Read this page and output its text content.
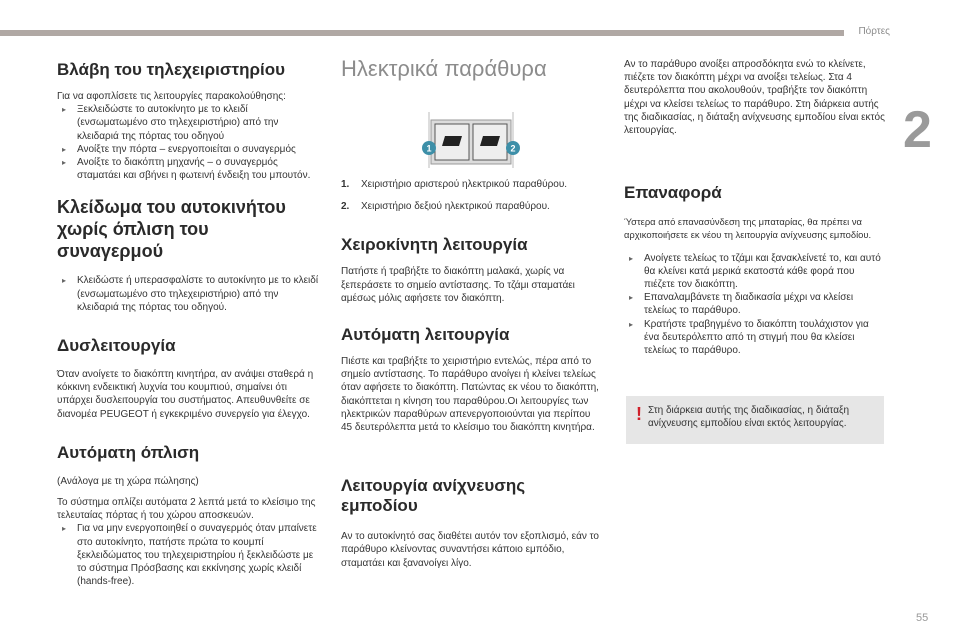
Πόρτες
2
55
Βλάβη του τηλεχειριστηρίου

Για να αφοπλίσετε τις λειτουργίες παρακολούθησης:

▸ Ξεκλειδώστε το αυτοκίνητο με το κλειδί (ενσωματωμένο στο τηλεχειριστήριο) από την κλειδαριά της πόρτας του οδηγού
▸ Ανοίξτε την πόρτα – ενεργοποιείται ο συναγερμός
▸ Ανοίξτε το διακόπτη μηχανής – ο συναγερμός σταματάει και σβήνει η φωτεινή ένδειξη του μπουτόν.
Κλείδωμα του αυτοκινήτου
χωρίς όπλιση του συναγερμού
▸ Κλειδώστε ή υπερασφαλίστε το αυτοκίνητο με το κλειδί (ενσωματωμένο στο τηλεχειριστήριο) από την κλειδαριά της πόρτας του οδηγού.
Δυσλειτουργία

Όταν ανοίγετε το διακόπτη κινητήρα, αν ανάψει σταθερά η κόκκινη ενδεικτική λυχνία του κουμπιού, σημαίνει ότι υπάρχει δυσλειτουργία του συστήματος. Απευθυνθείτε σε διανομέα PEUGEOT ή εγκεκριμένο συνεργείο για έλεγχο.

Αυτόματη όπλιση

(Ανάλογα με τη χώρα πώλησης)

Το σύστημα οπλίζει αυτόματα 2 λεπτά μετά το κλείσιμο της τελευταίας πόρτας ή του χώρου αποσκευών.

▸ Για να μην ενεργοποιηθεί ο συναγερμός όταν μπαίνετε στο αυτοκίνητο, πατήστε πρώτα το κουμπί ξεκλειδώματος του τηλεχειριστηρίου ή ξεκλειδώστε με το σύστημα Πρόσβασης και εκκίνησης χωρίς κλειδί (hands-free).
Ηλεκτρικά παράθυρα
1	2
1. Χειριστήριο αριστερού ηλεκτρικού παραθύρου.
2. Χειριστήριο δεξιού ηλεκτρικού παραθύρου.
Χειροκίνητη λειτουργία

Πατήστε ή τραβήξτε το διακόπτη μαλακά, χωρίς να ξεπεράσετε το σημείο αντίστασης. Το τζάμι σταματάει αμέσως μόλις αφήσετε τον διακόπτη.

Αυτόματη λειτουργία

Πιέστε και τραβήξτε το χειριστήριο εντελώς, πέρα από το σημείο αντίστασης. Το παράθυρο ανοίγει ή κλείνει τελείως όταν αφήσετε το διακόπτη. Πατώντας εκ νέου το διακόπτη, διακόπτεται η κίνηση του παραθύρου.Οι λειτουργίες των ηλεκτρικών παραθύρων απενεργοποιούνται για περίπου 45 δευτερόλεπτα μετά το κλείσιμο του διακόπτη κινητήρα.

Λειτουργία ανίχνευσης εμποδίου

Αν το αυτοκίνητό σας διαθέτει αυτόν τον εξοπλισμό, εάν το παράθυρο κλείνοντας συναντήσει κάποιο εμπόδιο, σταματάει και ξανανοίγει λίγο.

Αν το παράθυρο ανοίξει απροσδόκητα ενώ το κλείνετε, πιέζετε τον διακόπτη μέχρι να ανοίξει τελείως. Στα 4 δευτερόλεπτα που ακολουθούν, τραβήξτε τον διακόπτη μέχρι να κλείσει τελείως το παράθυρο. Στη διάρκεια αυτής της διαδικασίας, η διάταξη ανίχνευσης εμποδίου είναι εκτός λειτουργίας.

Επαναφορά

Ύστερα από επανασύνδεση της μπαταρίας, θα πρέπει να αρχικοποιήσετε εκ νέου τη λειτουργία ανίχνευσης εμποδίου.

▸ Ανοίγετε τελείως το τζάμι και ξανακλείνετέ το, και αυτό θα κλείνει κατά μερικά εκατοστά κάθε φορά που πιέζετε τον διακόπτη.
▸ Επαναλαμβάνετε τη διαδικασία μέχρι να κλείσει τελείως το παράθυρο.
▸ Κρατήστε τραβηγμένο το διακόπτη τουλάχιστον για ένα δευτερόλεπτο από τη στιγμή που θα κλείσει τελείως το παράθυρο.
! Στη διάρκεια αυτής της διαδικασίας, η διάταξη ανίχνευσης εμποδίου είναι εκτός λειτουργίας.
